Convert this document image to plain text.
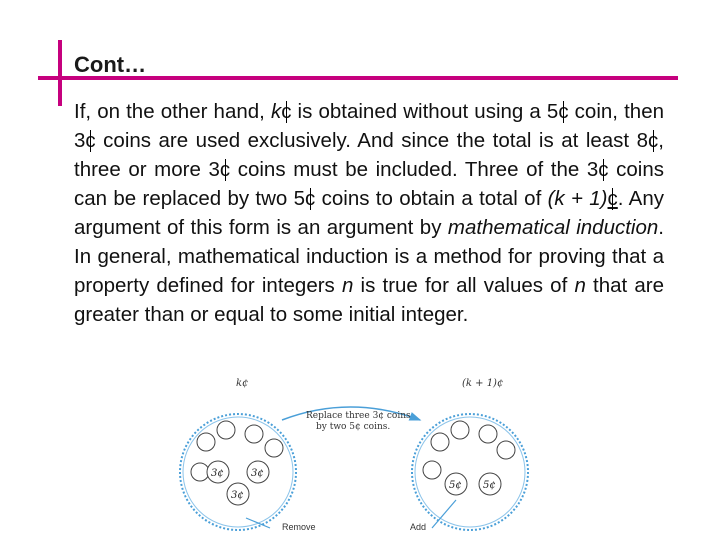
Cont…
If, on the other hand, kc is obtained without using a 5c coin, then 3c coins are used exclusively. And since the total is at least 8c, three or more 3c coins must be included. Three of the 3c coins can be replaced by two 5c coins to obtain a total of (k + 1)c. Any argument of this form is an argument by mathematical induction. In general, mathematical induction is a method for proving that a property defined for integers n is true for all values of n that are greater than or equal to some initial integer.
k¢	(k + 1)¢
Replace three 3¢ coins
by two 5¢ coins.
3¢	3¢
3¢
5¢ 5¢
Remove	Add
